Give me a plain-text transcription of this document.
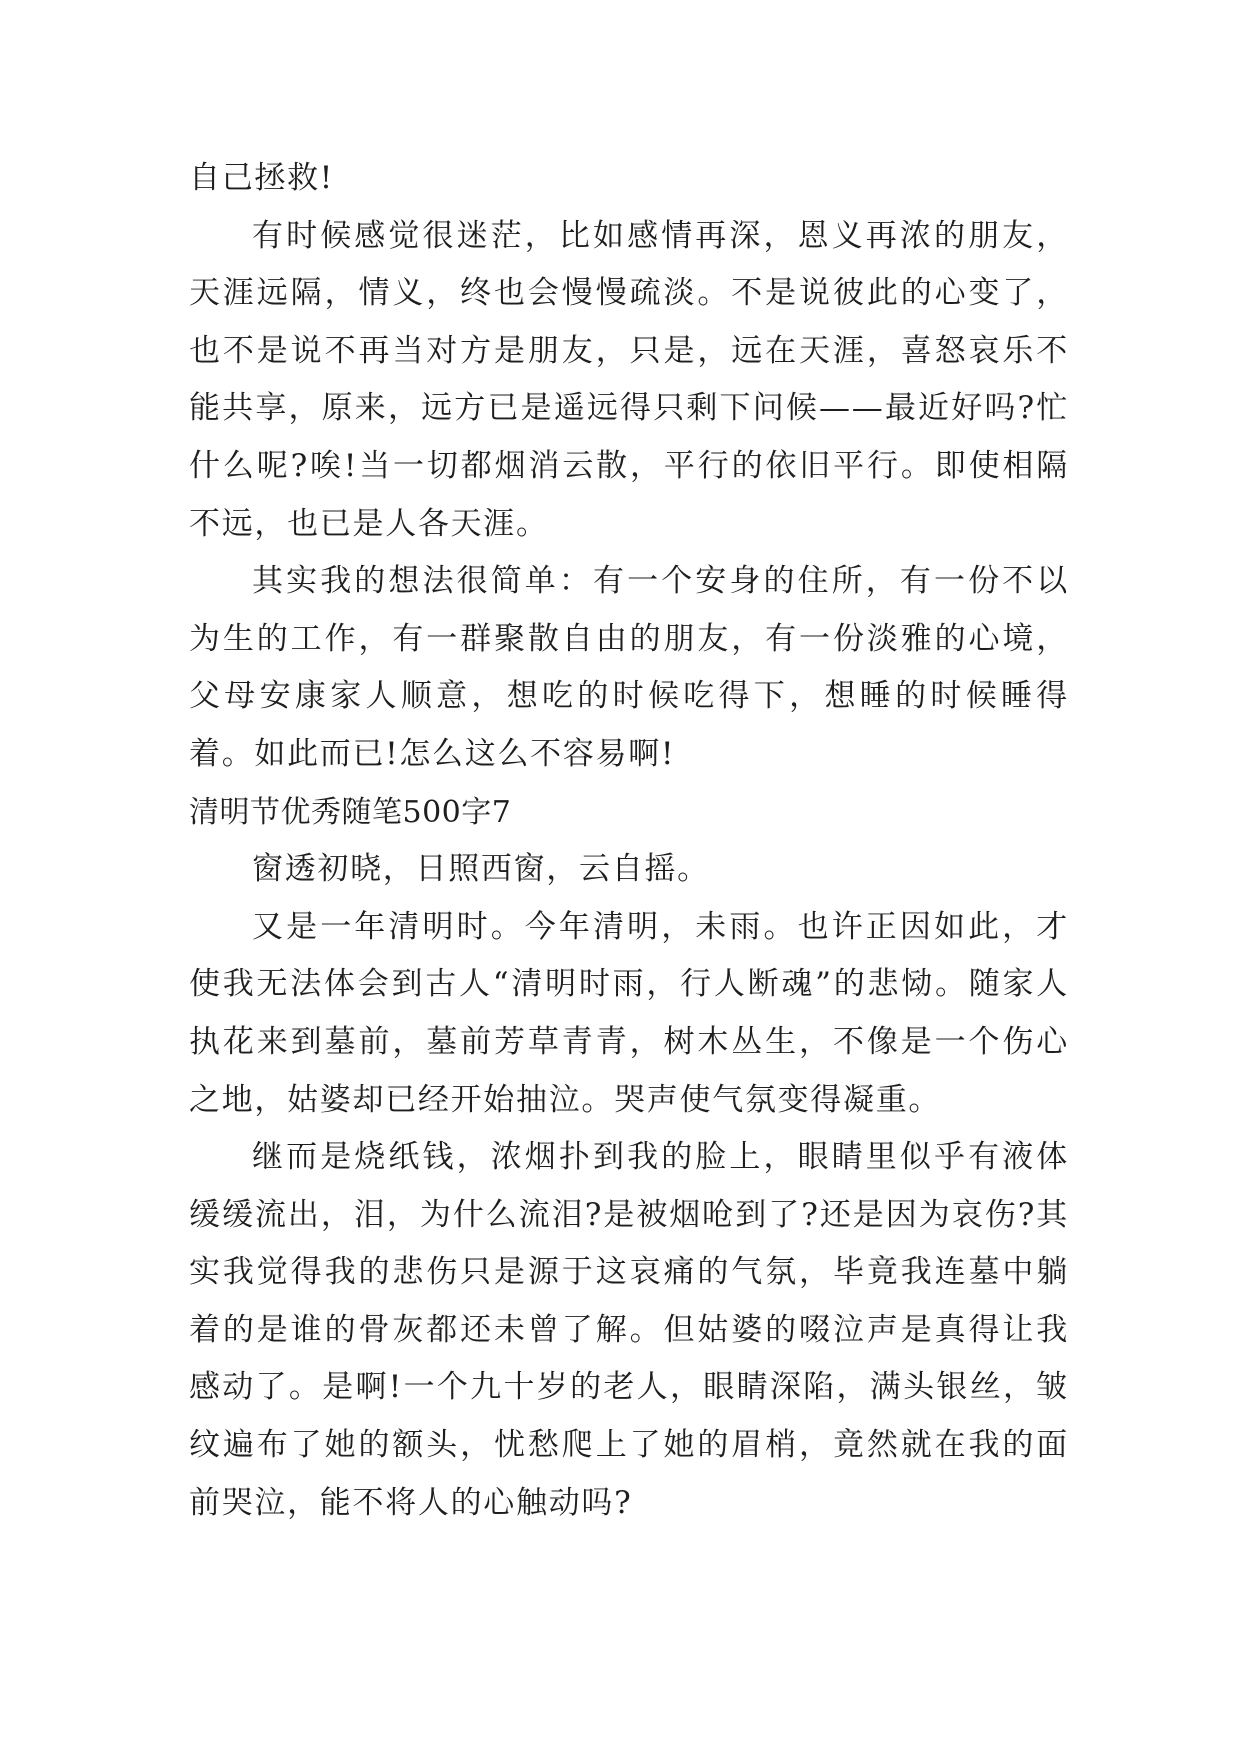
自己拯救!

有时候感觉很迷茫，比如感情再深，恩义再浓的朋友，天涯远隔，情义，终也会慢慢疏淡。不是说彼此的心变了，也不是说不再当对方是朋友，只是，远在天涯，喜怒哀乐不能共享，原来，远方已是遥远得只剩下问候——最近好吗?忙什么呢?唉!当一切都烟消云散，平行的依旧平行。即使相隔不远，也已是人各天涯。

其实我的想法很简单：有一个安身的住所，有一份不以为生的工作，有一群聚散自由的朋友，有一份淡雅的心境，父母安康家人顺意，想吃的时候吃得下，想睡的时候睡得着。如此而已!怎么这么不容易啊!

清明节优秀随笔500字7

窗透初晓，日照西窗，云自摇。

又是一年清明时。今年清明，未雨。也许正因如此，才使我无法体会到古人“清明时雨，行人断魂”的悲恸。随家人执花来到墓前，墓前芳草青青，树木丛生，不像是一个伤心之地，姑婆却已经开始抽泣。哭声使气氛变得凝重。

继而是烧纸钱，浓烟扑到我的脸上，眼睛里似乎有液体缓缓流出，泪，为什么流泪?是被烟呛到了?还是因为哀伤?其实我觉得我的悲伤只是源于这哀痛的气氛，毕竟我连墓中躺着的是谁的骨灰都还未曾了解。但姑婆的啜泣声是真得让我感动了。是啊!一个九十岁的老人，眼睛深陷，满头银丝，皱纹遍布了她的额头，忧愁爬上了她的眉梢，竟然就在我的面前哭泣，能不将人的心触动吗?
